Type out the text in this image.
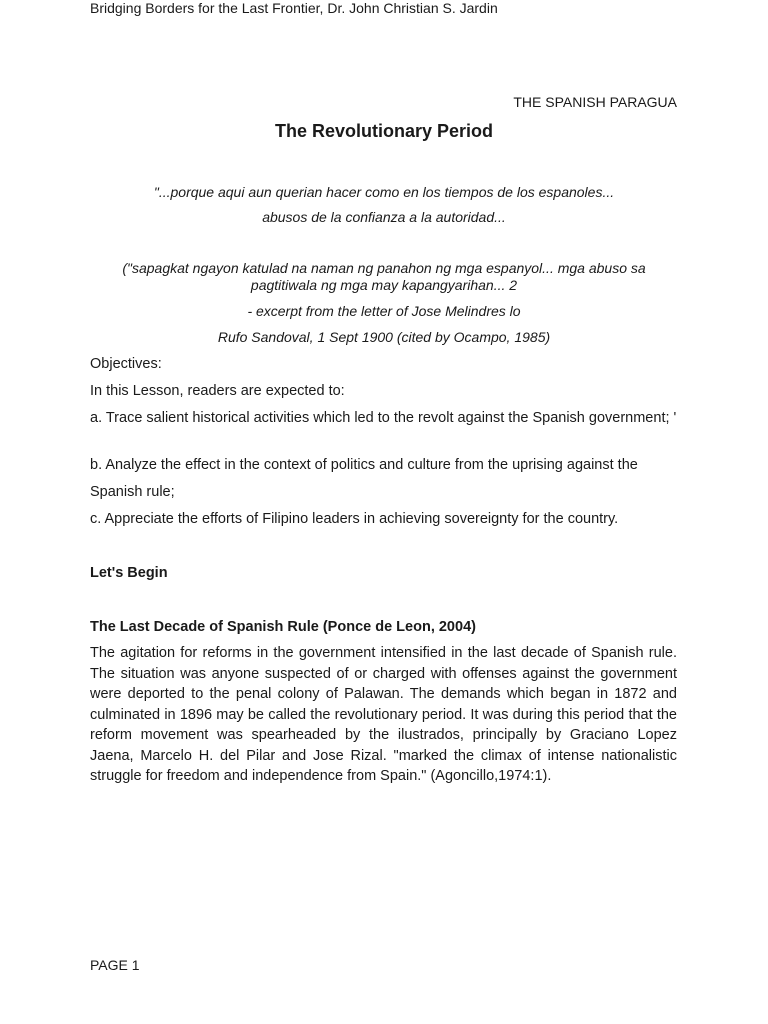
Bridging Borders for the Last Frontier, Dr. John Christian S. Jardin
THE SPANISH PARAGUA
The Revolutionary Period
"...porque aqui aun querian hacer como en los tiempos de los espanoles...
abusos de la confianza a la autoridad...
("sapagkat ngayon katulad na naman ng panahon ng mga espanyol... mga abuso sa pagtitiwala ng mga may kapangyarihan... 2
- excerpt from the letter of Jose Melindres lo
Rufo Sandoval, 1 Sept 1900 (cited by Ocampo, 1985)
Objectives:
In this Lesson, readers are expected to:
a. Trace salient historical activities which led to the revolt against the Spanish government; '
b. Analyze the effect in the context of politics and culture from the uprising against the
Spanish rule;
c. Appreciate the efforts of Filipino leaders in achieving sovereignty for the country.
Let's Begin
The Last Decade of Spanish Rule (Ponce de Leon, 2004)
The agitation for reforms in the government intensified in the last decade of Spanish rule. The situation was anyone suspected of or charged with offenses against the government were deported to the penal colony of Palawan. The demands which began in 1872 and culminated in 1896 may be called the revolutionary period. It was during this period that the reform movement was spearheaded by the ilustrados, principally by Graciano Lopez Jaena, Marcelo H. del Pilar and Jose Rizal. "marked the climax of intense nationalistic struggle for freedom and independence from Spain." (Agoncillo,1974:1).
PAGE 1
